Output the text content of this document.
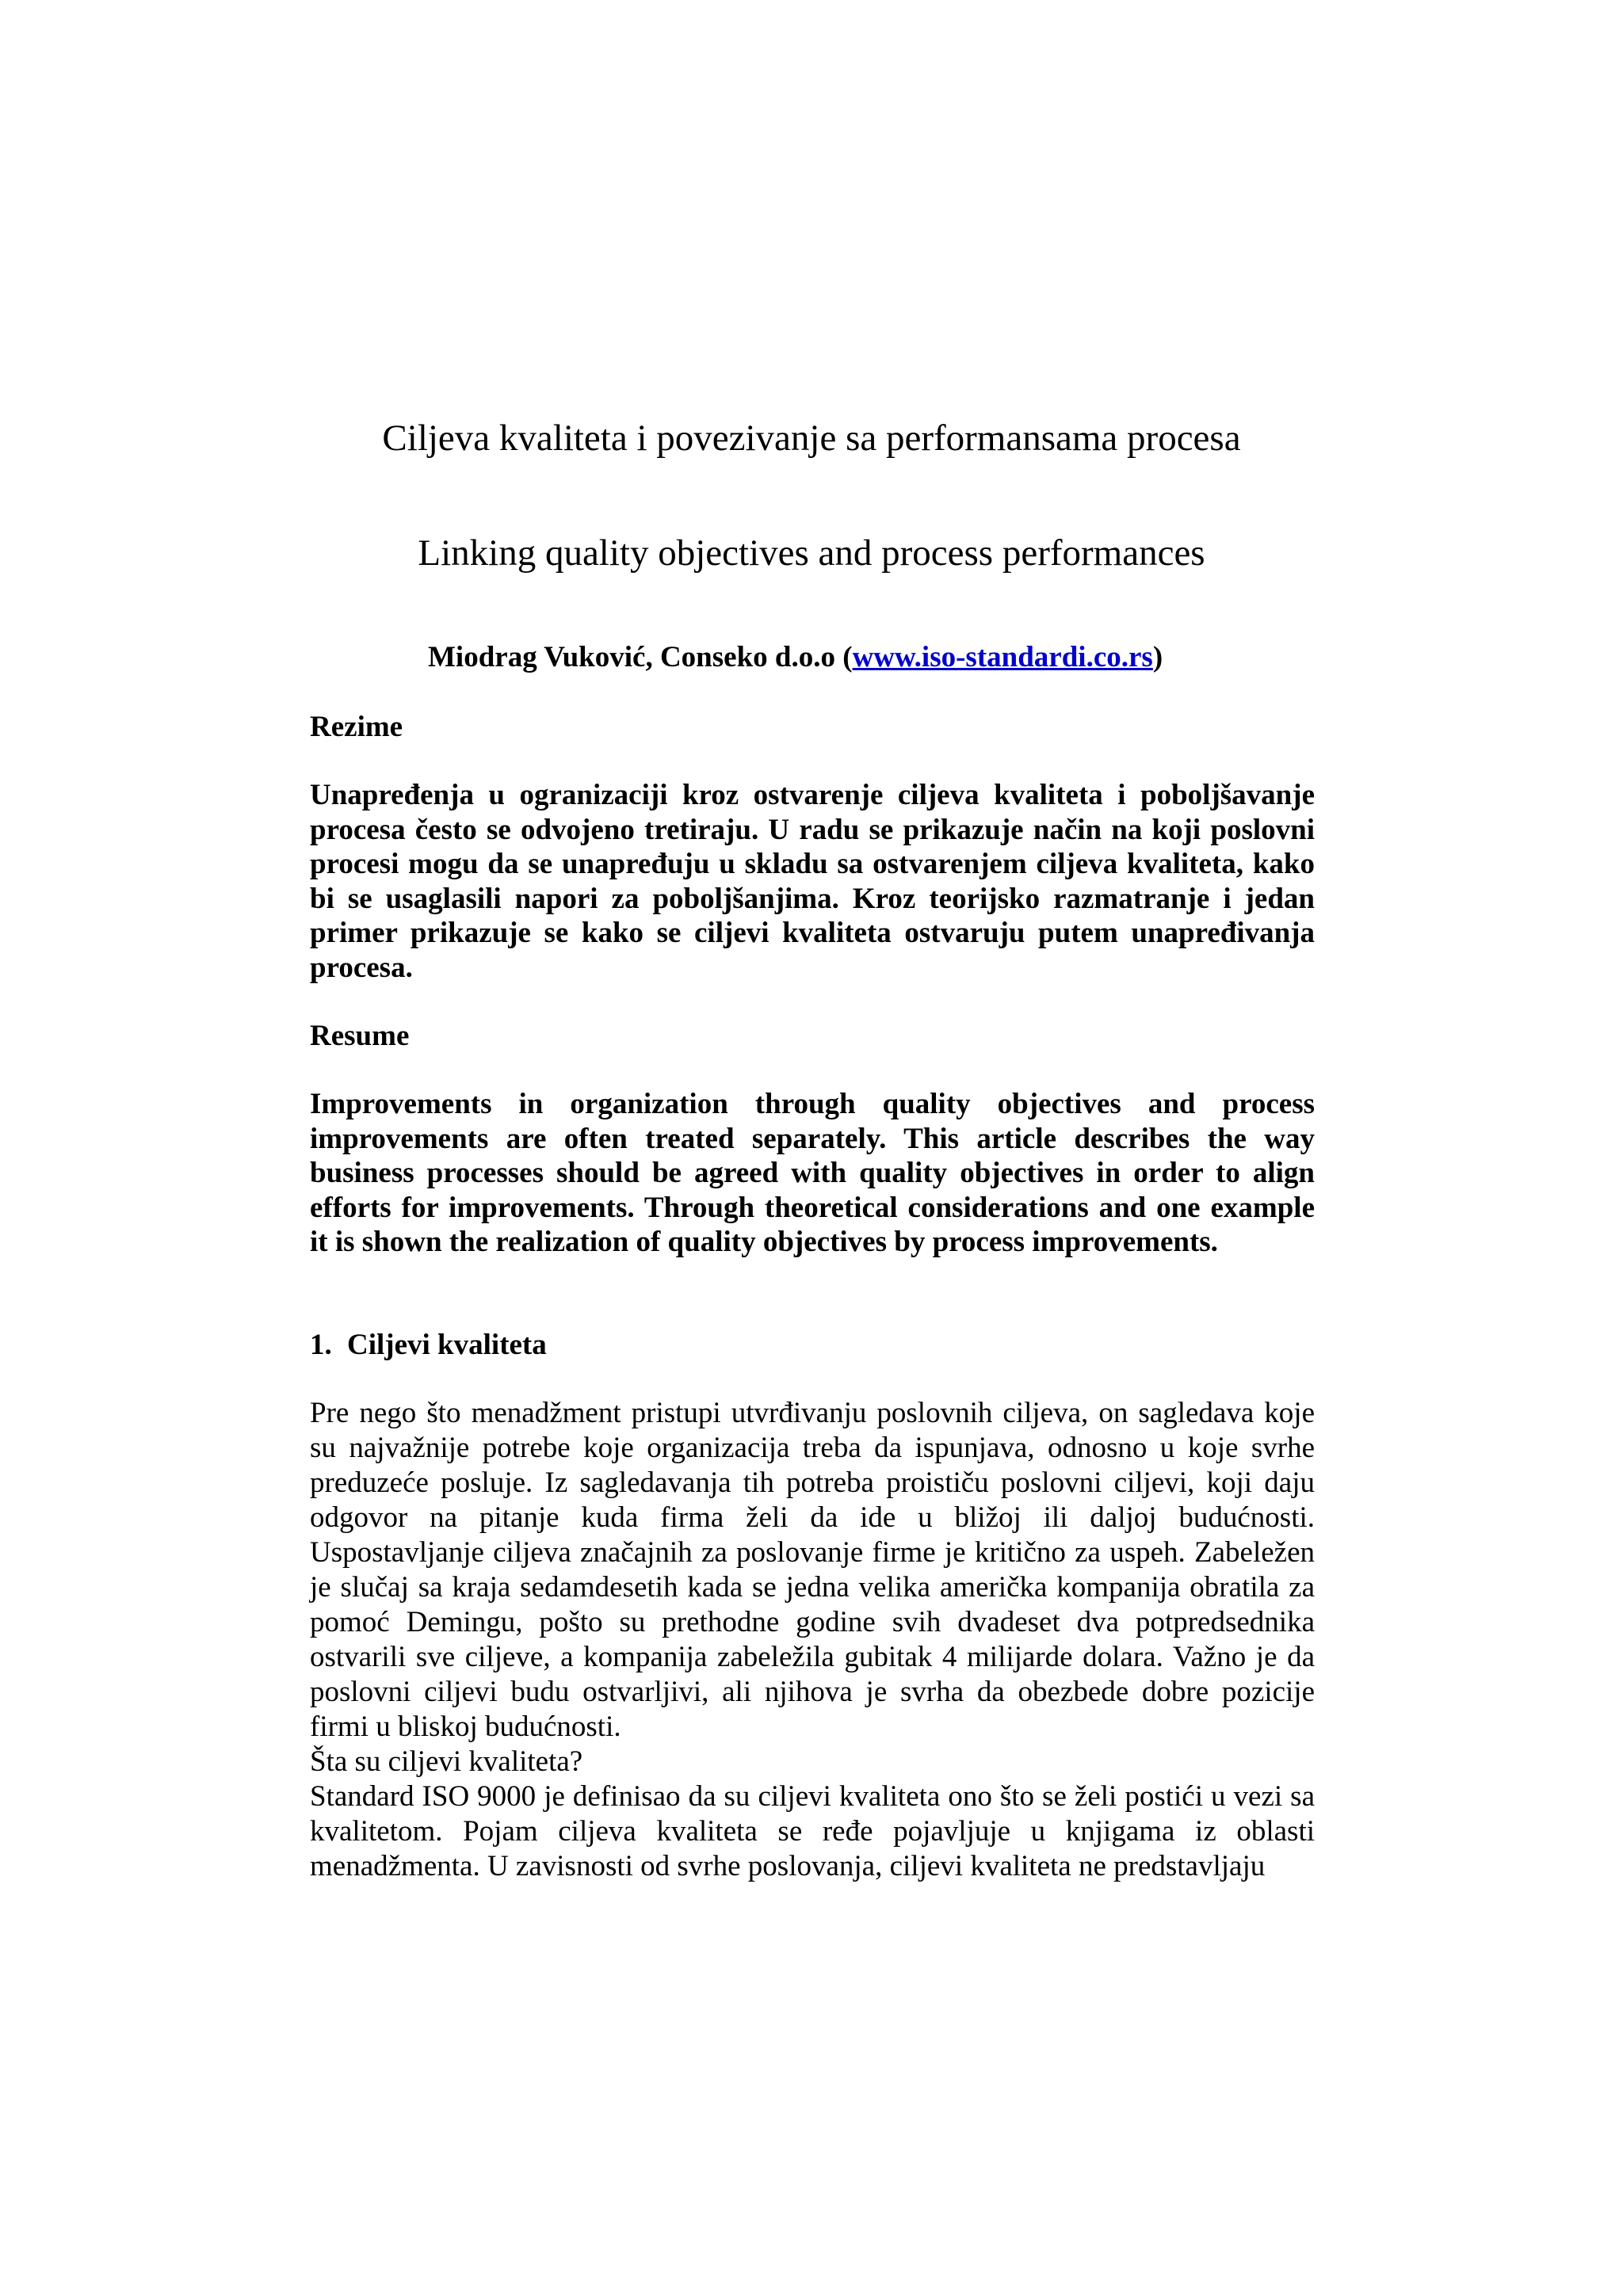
Ciljeva kvaliteta i povezivanje sa performansama procesa
Linking quality objectives and process performances
Miodrag Vuković, Conseko d.o.o (www.iso-standardi.co.rs)

Rezime

Unapređenja u ogranizaciji kroz ostvarenje ciljeva kvaliteta i poboljšavanje procesa često se odvojeno tretiraju. U radu se prikazuje način na koji poslovni procesi mogu da se unapređuju u skladu sa ostvarenjem ciljeva kvaliteta, kako bi se usaglasili napori za poboljšanjima. Kroz teorijsko razmatranje i jedan primer prikazuje se kako se ciljevi kvaliteta ostvaruju putem unapređivanja procesa.

Resume

Improvements in organization through quality objectives and process improvements are often treated separately. This article describes the way business processes should be agreed with quality objectives in order to align efforts for improvements. Through theoretical considerations and one example it is shown the realization of quality objectives by process improvements.

1. Ciljevi kvaliteta

Pre nego što menadžment pristupi utvrđivanju poslovnih ciljeva, on sagledava koje su najvažnije potrebe koje organizacija treba da ispunjava, odnosno u koje svrhe preduzeće posluje. Iz sagledavanja tih potreba proističu poslovni ciljevi, koji daju odgovor na pitanje kuda firma želi da ide u bližoj ili daljoj budućnosti. Uspostavljanje ciljeva značajnih za poslovanje firme je kritično za uspeh. Zabeležen je slučaj sa kraja sedamdesetih kada se jedna velika američka kompanija obratila za pomoć Demingu, pošto su prethodne godine svih dvadeset dva potpredsednika ostvarili sve ciljeve, a kompanija zabeležila gubitak 4 milijarde dolara. Važno je da poslovni ciljevi budu ostvarljivi, ali njihova je svrha da obezbede dobre pozicije firmi u bliskoj budućnosti.

Šta su ciljevi kvaliteta?

Standard ISO 9000 je definisao da su ciljevi kvaliteta ono što se želi postići u vezi sa kvalitetom. Pojam ciljeva kvaliteta se ređe pojavljuje u knjigama iz oblasti menadžmenta. U zavisnosti od svrhe poslovanja, ciljevi kvaliteta ne predstavljaju
